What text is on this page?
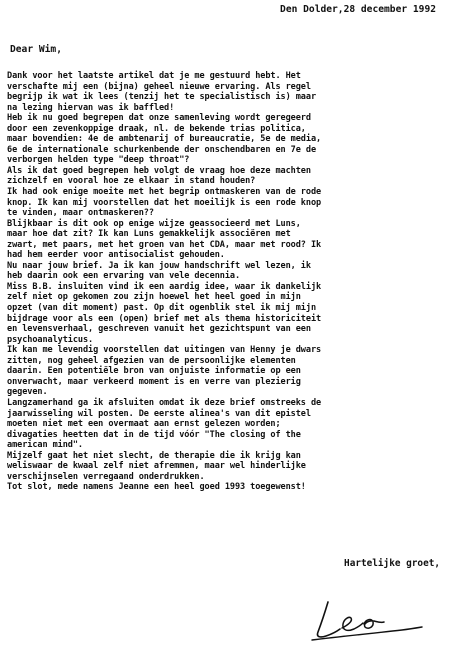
Den Dolder,28 december 1992
Dear Wim,
Dank voor het laatste artikel dat je me gestuurd hebt. Het
verschafte mij een (bijna) geheel nieuwe ervaring. Als regel
begrijp ik wat ik lees (tenzij het te specialistisch is) maar
na lezing hiervan was ik baffled!
Heb ik nu goed begrepen dat onze samenleving wordt geregeerd
door een zevenkoppige draak, nl. de bekende trias politica,
maar bovendien: 4e de ambtenarij of bureaucratie, 5e de media,
6e de internationale schurkenbende der onschendbaren en 7e de
verborgen helden type "deep throat"?
Als ik dat goed begrepen heb volgt de vraag hoe deze machten
zichzelf en vooral hoe ze elkaar in stand houden?
Ik had ook enige moeite met het begrip ontmaskeren van de rode
knop. Ik kan mij voorstellen dat het moeilijk is een rode knop
te vinden, maar ontmaskeren??
Blijkbaar is dit ook op enige wijze geassocieerd met Luns,
maar hoe dat zit? Ik kan Luns gemakkelijk associëren met
zwart, met paars, met het groen van het CDA, maar met rood? Ik
had hem eerder voor antisocialist gehouden.
Nu naar jouw brief. Ja ik kan jouw handschrift wel lezen, ik
heb daarin ook een ervaring van vele decennia.
Miss B.B. insluiten vind ik een aardig idee, waar ik dankelijk
zelf niet op gekomen zou zijn hoewel het heel goed in mijn
opzet (van dit moment) past. Op dit ogenblik stel ik mij mijn
bijdrage voor als een (open) brief met als thema historiciteit
en levensverhaal, geschreven vanuit het gezichtspunt van een
psychoanalyticus.
Ik kan me levendig voorstellen dat uitingen van Henny je dwars
zitten, nog geheel afgezien van de persoonlijke elementen
daarin. Een potentiële bron van onjuiste informatie op een
onverwacht, maar verkeerd moment is en verre van plezierig
gegeven.
Langzamerhand ga ik afsluiten omdat ik deze brief omstreeks de
jaarwisseling wil posten. De eerste alinea's van dit epistel
moeten niet met een overmaat aan ernst gelezen worden;
divagaties heetten dat in de tijd vóór "The closing of the
american mind".
Mijzelf gaat het niet slecht, de therapie die ik krijg kan
weliswaar de kwaal zelf niet afremmen, maar wel hinderlijke
verschijnselen verregaand onderdrukken.
Tot slot, mede namens Jeanne een heel goed 1993 toegewenst!
Hartelijke groet,
